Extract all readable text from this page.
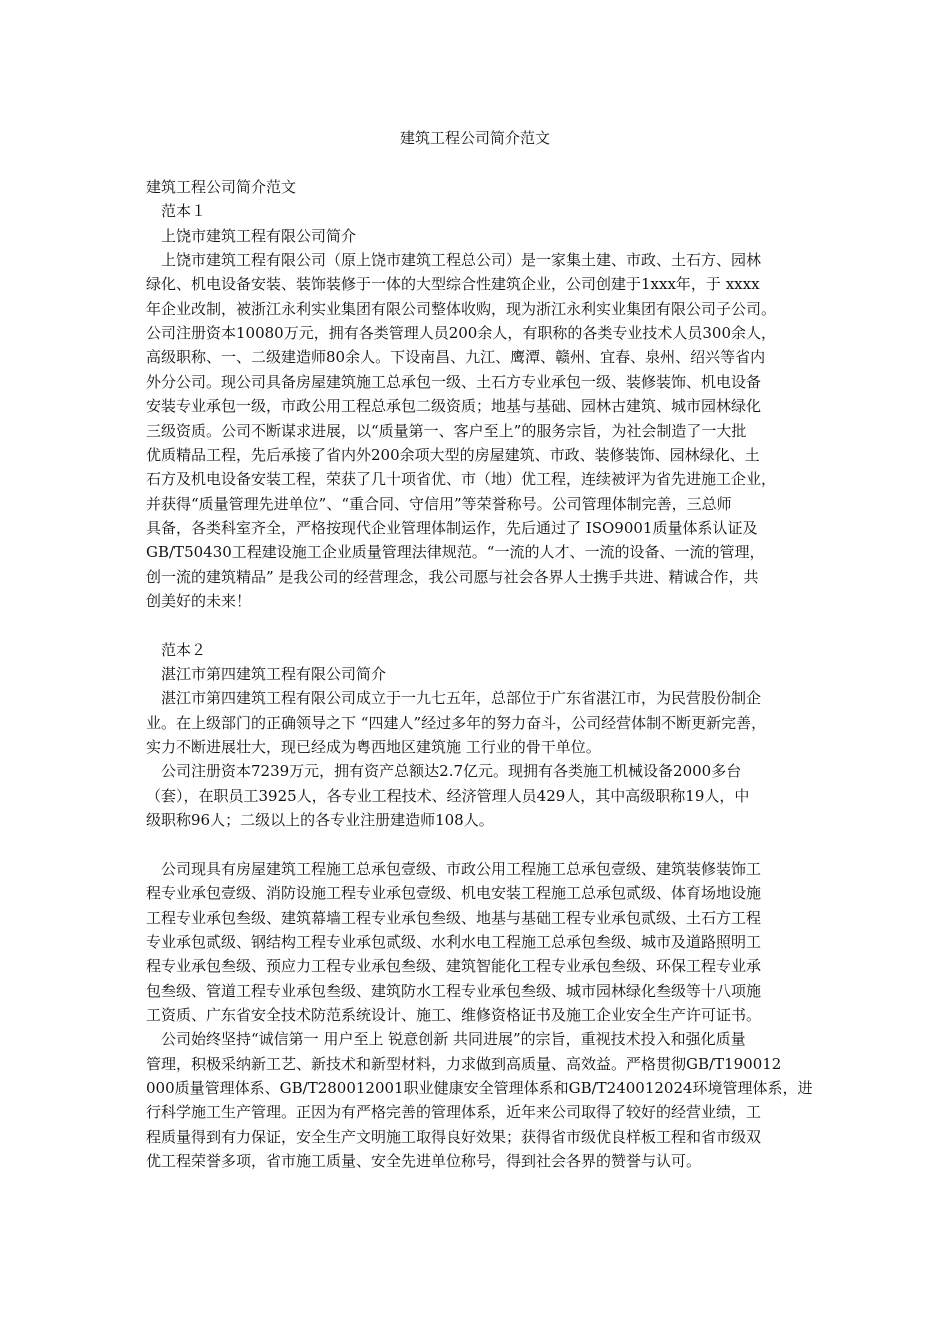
建筑工程公司简介范文
建筑工程公司简介范文
　范本１
　上饶市建筑工程有限公司简介
　上饶市建筑工程有限公司（原上饶市建筑工程总公司）是一家集土建、市政、土石方、园林
绿化、机电设备安装、装饰装修于一体的大型综合性建筑企业，公司创建于1xxx年，于 xxxx
年企业改制，被浙江永利实业集团有限公司整体收购，现为浙江永利实业集团有限公司子公司。
公司注册资本10080万元，拥有各类管理人员200余人，有职称的各类专业技术人员300余人，
高级职称、一、二级建造师80余人。下设南昌、九江、鹰潭、赣州、宜春、泉州、绍兴等省内
外分公司。现公司具备房屋建筑施工总承包一级、土石方专业承包一级、装修装饰、机电设备
安装专业承包一级，市政公用工程总承包二级资质；地基与基础、园林古建筑、城市园林绿化
三级资质。公司不断谋求进展，以“质量第一、客户至上”的服务宗旨，为社会制造了一大批
优质精品工程，先后承接了省内外200余项大型的房屋建筑、市政、装修装饰、园林绿化、土
石方及机电设备安装工程，荣获了几十项省优、市（地）优工程，连续被评为省先进施工企业，
并获得“质量管理先进单位”、“重合同、守信用”等荣誉称号。公司管理体制完善，三总师
具备，各类科室齐全，严格按现代企业管理体制运作，先后通过了 ISO9001质量体系认证及
GB/T50430工程建设施工企业质量管理法律规范。“一流的人才、一流的设备、一流的管理，
创一流的建筑精品” 是我公司的经营理念，我公司愿与社会各界人士携手共进、精诚合作，共
创美好的未来！
　范本２
　湛江市第四建筑工程有限公司简介
　湛江市第四建筑工程有限公司成立于一九七五年，总部位于广东省湛江市，为民营股份制企
业。在上级部门的正确领导之下 “四建人”经过多年的努力奋斗，公司经营体制不断更新完善，
实力不断进展壮大，现已经成为粤西地区建筑施 工行业的骨干单位。
　公司注册资本7239万元，拥有资产总额达2.7亿元。现拥有各类施工机械设备2000多台
（套），在职员工3925人，各专业工程技术、经济管理人员429人，其中高级职称19人，中
级职称96人；二级以上的各专业注册建造师108人。
　公司现具有房屋建筑工程施工总承包壹级、市政公用工程施工总承包壹级、建筑装修装饰工
程专业承包壹级、消防设施工程专业承包壹级、机电安装工程施工总承包贰级、体育场地设施
工程专业承包叁级、建筑幕墙工程专业承包叁级、地基与基础工程专业承包贰级、土石方工程
专业承包贰级、钢结构工程专业承包贰级、水利水电工程施工总承包叁级、城市及道路照明工
程专业承包叁级、预应力工程专业承包叁级、建筑智能化工程专业承包叁级、环保工程专业承
包叁级、管道工程专业承包叁级、建筑防水工程专业承包叁级、城市园林绿化叁级等十八项施
工资质、广东省安全技术防范系统设计、施工、维修资格证书及施工企业安全生产许可证书。
　公司始终坚持“诚信第一 用户至上 锐意创新 共同进展”的宗旨，重视技术投入和强化质量
管理，积极采纳新工艺、新技术和新型材料，力求做到高质量、高效益。严格贯彻GB/T190012
000质量管理体系、GB/T280012001职业健康安全管理体系和GB/T240012024环境管理体系，进
行科学施工生产管理。正因为有严格完善的管理体系，近年来公司取得了较好的经营业绩，工
程质量得到有力保证，安全生产文明施工取得良好效果；获得省市级优良样板工程和省市级双
优工程荣誉多项，省市施工质量、安全先进单位称号，得到社会各界的赞誉与认可。
